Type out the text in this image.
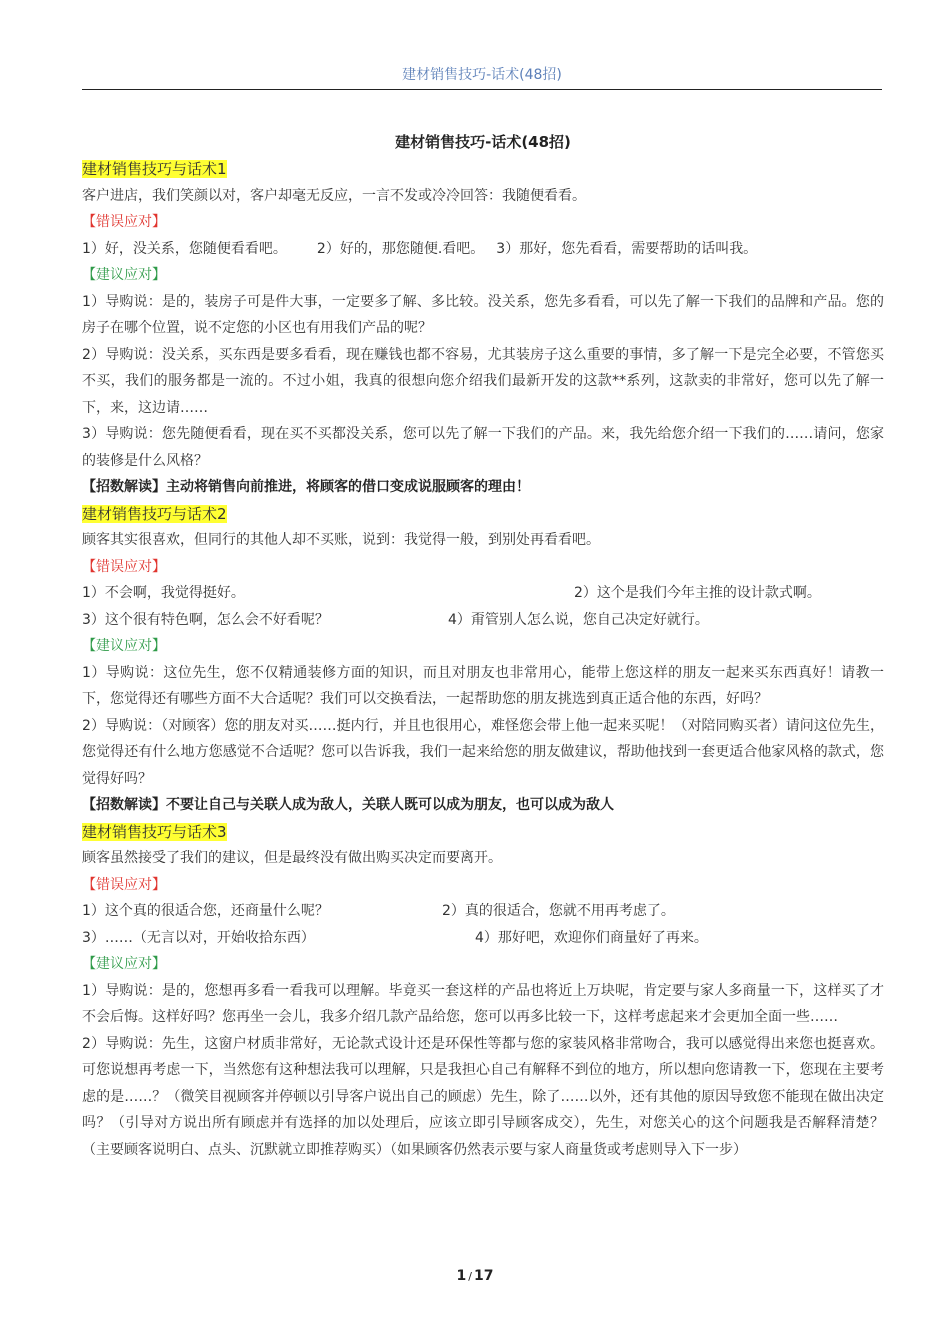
建材销售技巧-话术(48招)
建材销售技巧-话术(48招)
建材销售技巧与话术1
客户进店，我们笑颜以对，客户却毫无反应，一言不发或冷冷回答：我随便看看。
【错误应对】
1）好，没关系，您随便看看吧。 2）好的，那您随便.看吧。 3）那好，您先看看，需要帮助的话叫我。
【建议应对】
1）导购说：是的，装房子可是件大事，一定要多了解、多比较。没关系，您先多看看，可以先了解一下我们的品牌和产品。您的房子在哪个位置，说不定您的小区也有用我们产品的呢？
2）导购说：没关系，买东西是要多看看，现在赚钱也都不容易，尤其装房子这么重要的事情，多了解一下是完全必要，不管您买不买，我们的服务都是一流的。不过小姐，我真的很想向您介绍我们最新开发的这款**系列，这款卖的非常好，您可以先了解一下，来，这边请……
3）导购说：您先随便看看，现在买不买都没关系，您可以先了解一下我们的产品。来，我先给您介绍一下我们的……请问，您家的装修是什么风格？
【招数解读】主动将销售向前推进，将顾客的借口变成说服顾客的理由！
建材销售技巧与话术2
顾客其实很喜欢，但同行的其他人却不买账，说到：我觉得一般，到别处再看看吧。
【错误应对】
1）不会啊，我觉得挺好。	2）这个是我们今年主推的设计款式啊。
3）这个很有特色啊，怎么会不好看呢？	4）甭管别人怎么说，您自己决定好就行。
【建议应对】
1）导购说：这位先生，您不仅精通装修方面的知识，而且对朋友也非常用心，能带上您这样的朋友一起来买东西真好！请教一下，您觉得还有哪些方面不大合适呢？我们可以交换看法，一起帮助您的朋友挑选到真正适合他的东西，好吗？
2）导购说：（对顾客）您的朋友对买……挺内行，并且也很用心，难怪您会带上他一起来买呢！（对陪同购买者）请问这位先生，您觉得还有什么地方您感觉不合适呢？您可以告诉我，我们一起来给您的朋友做建议，帮助他找到一套更适合他家风格的款式，您觉得好吗？
【招数解读】不要让自己与关联人成为敌人，关联人既可以成为朋友，也可以成为敌人
建材销售技巧与话术3
顾客虽然接受了我们的建议，但是最终没有做出购买决定而要离开。
【错误应对】
1）这个真的很适合您，还商量什么呢？	2）真的很适合，您就不用再考虑了。
3）……（无言以对，开始收拾东西）	4）那好吧，欢迎你们商量好了再来。
【建议应对】
1）导购说：是的，您想再多看一看我可以理解。毕竟买一套这样的产品也将近上万块呢，肯定要与家人多商量一下，这样买了才不会后悔。这样好吗？您再坐一会儿，我多介绍几款产品给您，您可以再多比较一下，这样考虑起来才会更加全面一些……
2）导购说：先生，这窗户材质非常好，无论款式设计还是环保性等都与您的家装风格非常吻合，我可以感觉得出来您也挺喜欢。可您说想再考虑一下，当然您有这种想法我可以理解，只是我担心自己有解释不到位的地方，所以想向您请教一下，您现在主要考虑的是……？（微笑目视顾客并停顿以引导客户说出自己的顾虑）先生，除了……以外，还有其他的原因导致您不能现在做出决定吗？（引导对方说出所有顾虑并有选择的加以处理后，应该立即引导顾客成交），先生，对您关心的这个问题我是否解释清楚？（主要顾客说明白、点头、沉默就立即推荐购买）（如果顾客仍然表示要与家人商量货或考虑则导入下一步）
1 / 17
